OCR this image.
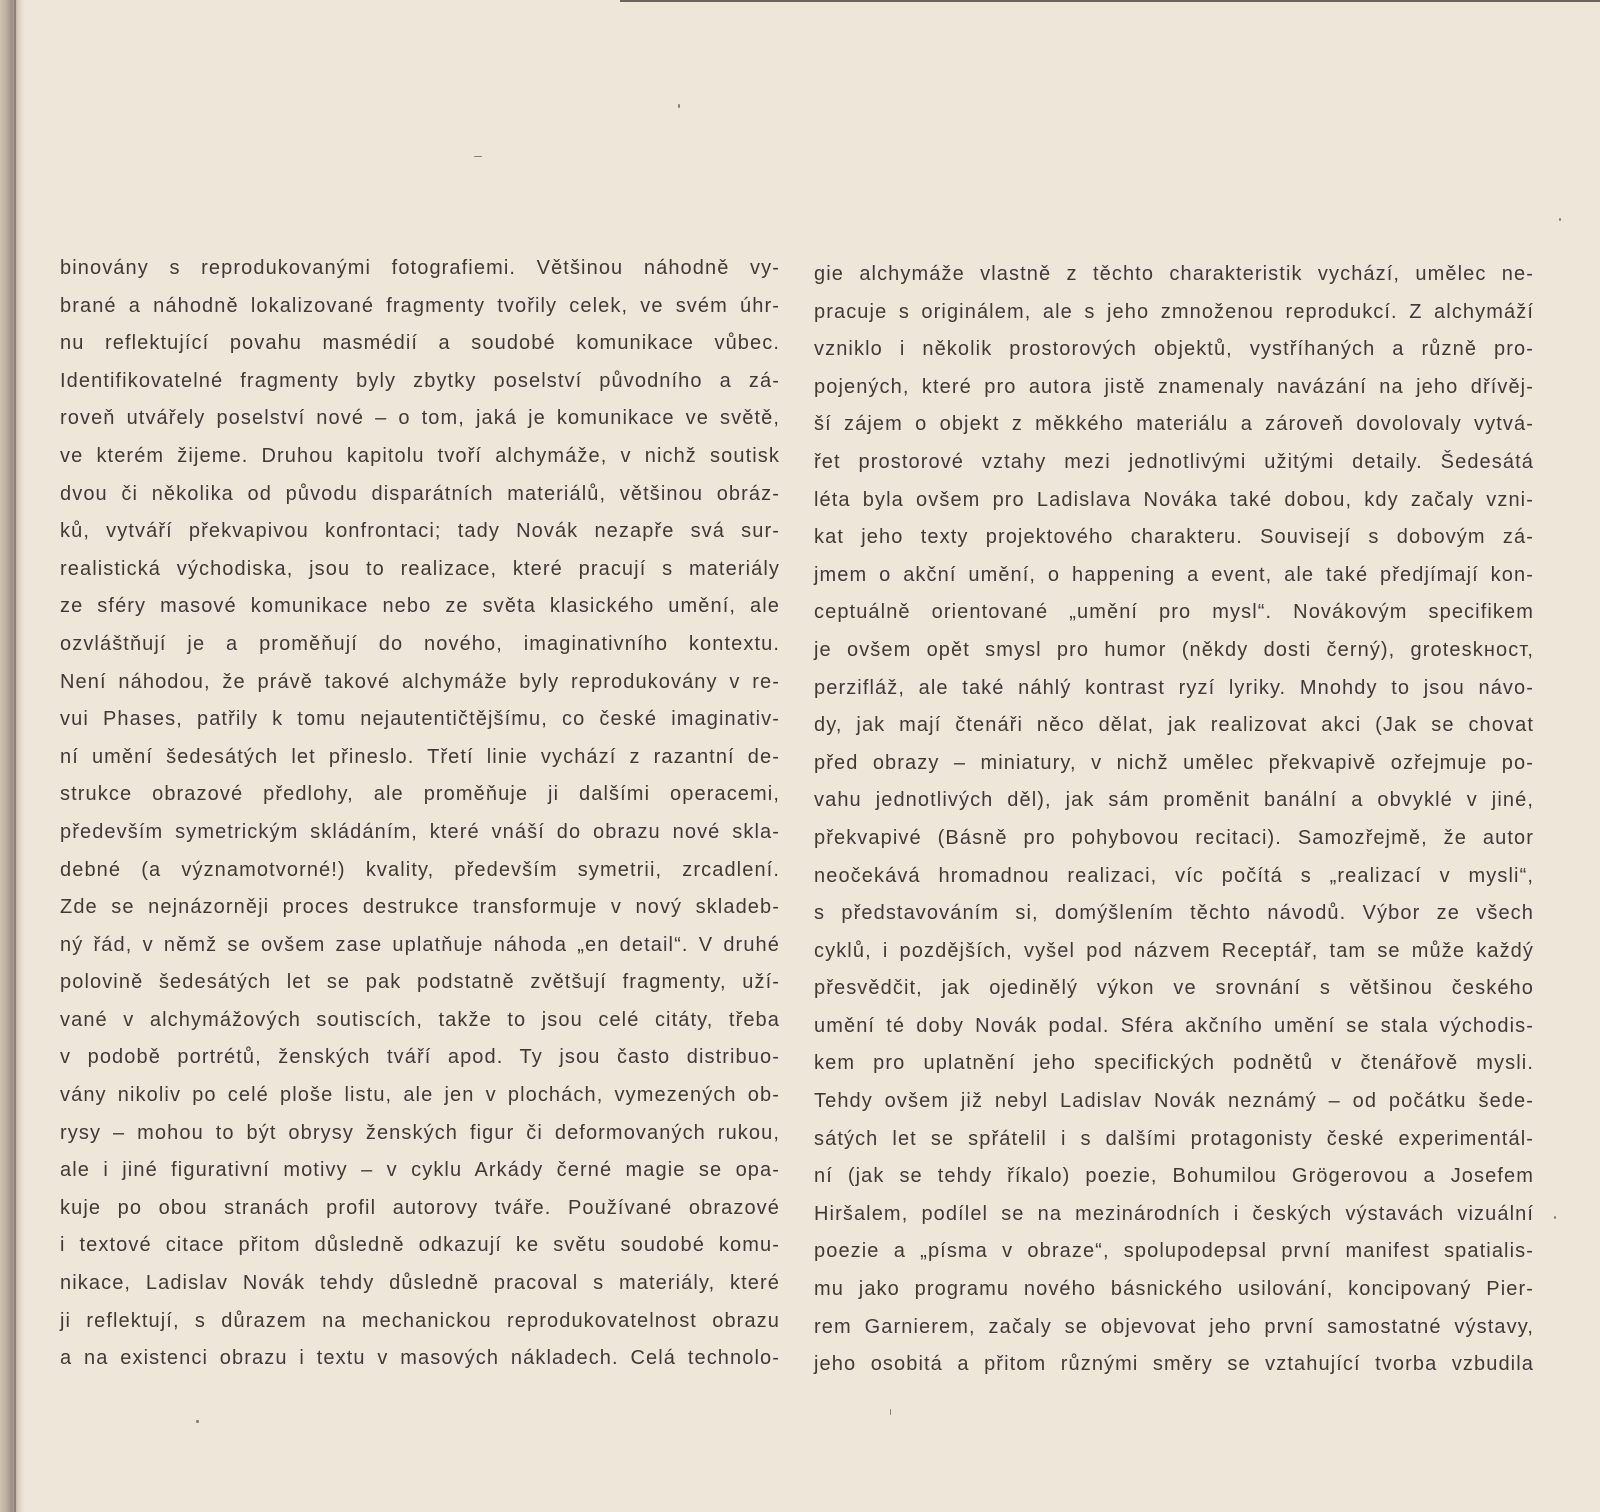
binovány s reprodukovanými fotografiemi. Většinou náhodně vy-
brané a náhodně lokalizované fragmenty tvořily celek, ve svém úhr-
nu reflektující povahu masmédií a soudobé komunikace vůbec.
Identifikovatelné fragmenty byly zbytky poselství původního a zá-
roveň utvářely poselství nové – o tom, jaká je komunikace ve světě,
ve kterém žijeme. Druhou kapitolu tvoří alchymáže, v nichž soutisk
dvou či několika od původu disparátních materiálů, většinou obráz-
ků, vytváří překvapivou konfrontaci; tady Novák nezapře svá sur-
realistická východiska, jsou to realizace, které pracují s materiály
ze sféry masové komunikace nebo ze světa klasického umění, ale
ozvláštňují je a proměňují do nového, imaginativního kontextu.
Není náhodou, že právě takové alchymáže byly reprodukovány v re-
vui Phases, patřily k tomu nejautentičtějšímu, co české imaginativ-
ní umění šedesátých let přineslo. Třetí linie vychází z razantní de-
strukce obrazové předlohy, ale proměňuje ji dalšími operacemi,
především symetrickým skládáním, které vnáší do obrazu nové skla-
debné (a významotvorné!) kvality, především symetrii, zrcadlení.
Zde se nejnázorněji proces destrukce transformuje v nový skladeb-
ný řád, v němž se ovšem zase uplatňuje náhoda „en detail“. V druhé
polovině šedesátých let se pak podstatně zvětšují fragmenty, uží-
vané v alchymážových soutiscích, takže to jsou celé citáty, třeba
v podobě portrétů, ženských tváří apod. Ty jsou často distribuo-
vány nikoliv po celé ploše listu, ale jen v plochách, vymezených ob-
rysy – mohou to být obrysy ženských figur či deformovaných rukou,
ale i jiné figurativní motivy – v cyklu Arkády černé magie se opa-
kuje po obou stranách profil autorovy tváře. Používané obrazové
i textové citace přitom důsledně odkazují ke světu soudobé komu-
nikace, Ladislav Novák tehdy důsledně pracoval s materiály, které
ji reflektují, s důrazem na mechanickou reprodukovatelnost obrazu
a na existenci obrazu i textu v masových nákladech. Celá technolo-
gie alchymáže vlastně z těchto charakteristik vychází, umělec ne-
pracuje s originálem, ale s jeho zmnoženou reprodukcí. Z alchymáží
vzniklo i několik prostorových objektů, vystříhaných a různě pro-
pojených, které pro autora jistě znamenaly navázání na jeho dřívěj-
ší zájem o objekt z měkkého materiálu a zároveň dovolovaly vytvá-
řet prostorové vztahy mezi jednotlivými užitými detaily. Šedesátá
léta byla ovšem pro Ladislava Nováka také dobou, kdy začaly vzni-
kat jeho texty projektového charakteru. Souvisejí s dobovým zá-
jmem o akční umění, o happening a event, ale také předjímají kon-
ceptuálně orientované „umění pro mysl“. Novákovým specifikem
je ovšem opět smysl pro humor (někdy dosti černý), groteskност,
perzifláž, ale také náhlý kontrast ryzí lyriky. Mnohdy to jsou návo-
dy, jak mají čtenáři něco dělat, jak realizovat akci (Jak se chovat
před obrazy – miniatury, v nichž umělec překvapivě ozřejmuje po-
vahu jednotlivých děl), jak sám proměnit banální a obvyklé v jiné,
překvapivé (Básně pro pohybovou recitaci). Samozřejmě, že autor
neočekává hromadnou realizaci, víc počítá s „realizací v mysli“,
s představováním si, domýšlením těchto návodů. Výbor ze všech
cyklů, i pozdějších, vyšel pod názvem Receptář, tam se může každý
přesvědčit, jak ojedinělý výkon ve srovnání s většinou českého
umění té doby Novák podal. Sféra akčního umění se stala východis-
kem pro uplatnění jeho specifických podnětů v čtenářově mysli.
Tehdy ovšem již nebyl Ladislav Novák neznámý – od počátku šede-
sátých let se spřátelil i s dalšími protagonisty české experimentál-
ní (jak se tehdy říkalo) poezie, Bohumilou Grögerovou a Josefem
Hiršalem, podílel se na mezinárodních i českých výstavách vizuální
poezie a „písma v obraze“, spolupodepsal první manifest spatialis-
mu jako programu nového básnického usilování, koncipovaný Pier-
rem Garnierem, začaly se objevovat jeho první samostatné výstavy,
jeho osobitá a přitom různými směry se vztahující tvorba vzbudila
